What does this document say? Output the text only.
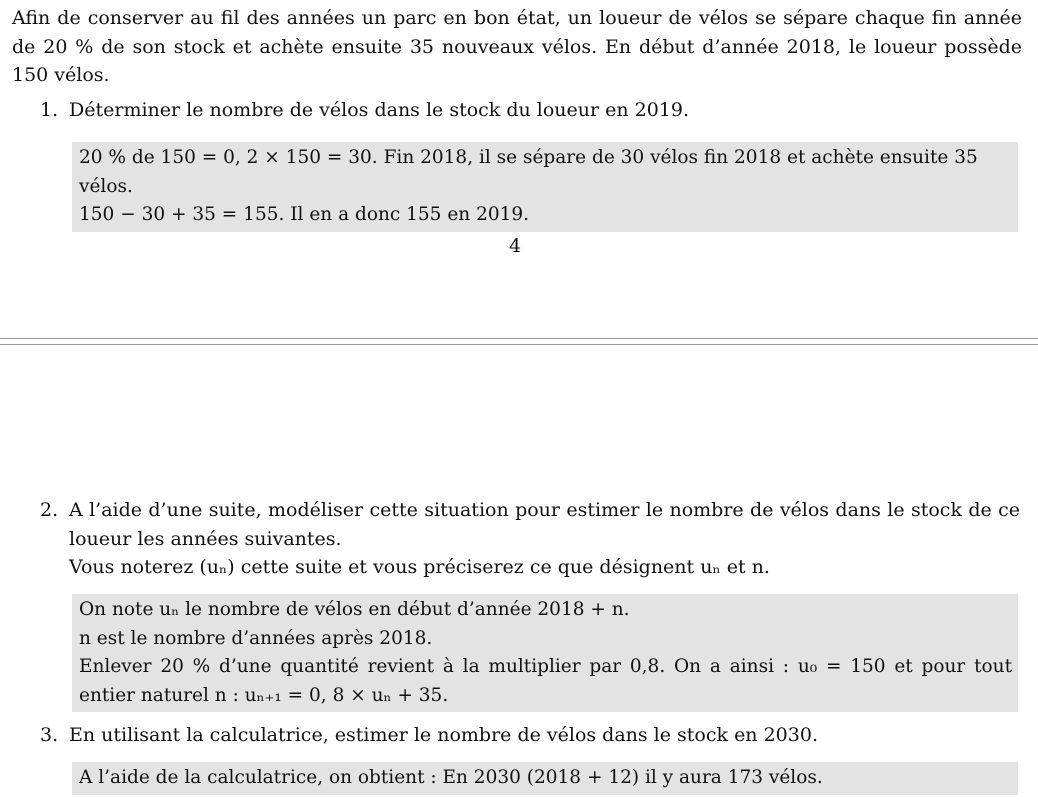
Afin de conserver au fil des années un parc en bon état, un loueur de vélos se sépare chaque fin année de 20 % de son stock et achète ensuite 35 nouveaux vélos. En début d’année 2018, le loueur possède 150 vélos.
1. Déterminer le nombre de vélos dans le stock du loueur en 2019.
20 % de 150 = 0, 2 × 150 = 30. Fin 2018, il se sépare de 30 vélos fin 2018 et achète ensuite 35 vélos.
150 − 30 + 35 = 155. Il en a donc 155 en 2019.
4
2. A l’aide d’une suite, modéliser cette situation pour estimer le nombre de vélos dans le stock de ce loueur les années suivantes.
Vous noterez (uₙ) cette suite et vous préciserez ce que désignent uₙ et n.
On note uₙ le nombre de vélos en début d’année 2018 + n.
n est le nombre d’années après 2018.
Enlever 20 % d’une quantité revient à la multiplier par 0,8. On a ainsi : u₀ = 150 et pour tout entier naturel n : uₙ₊₁ = 0, 8 × uₙ + 35.
3. En utilisant la calculatrice, estimer le nombre de vélos dans le stock en 2030.
A l’aide de la calculatrice, on obtient : En 2030 (2018 + 12) il y aura 173 vélos.
